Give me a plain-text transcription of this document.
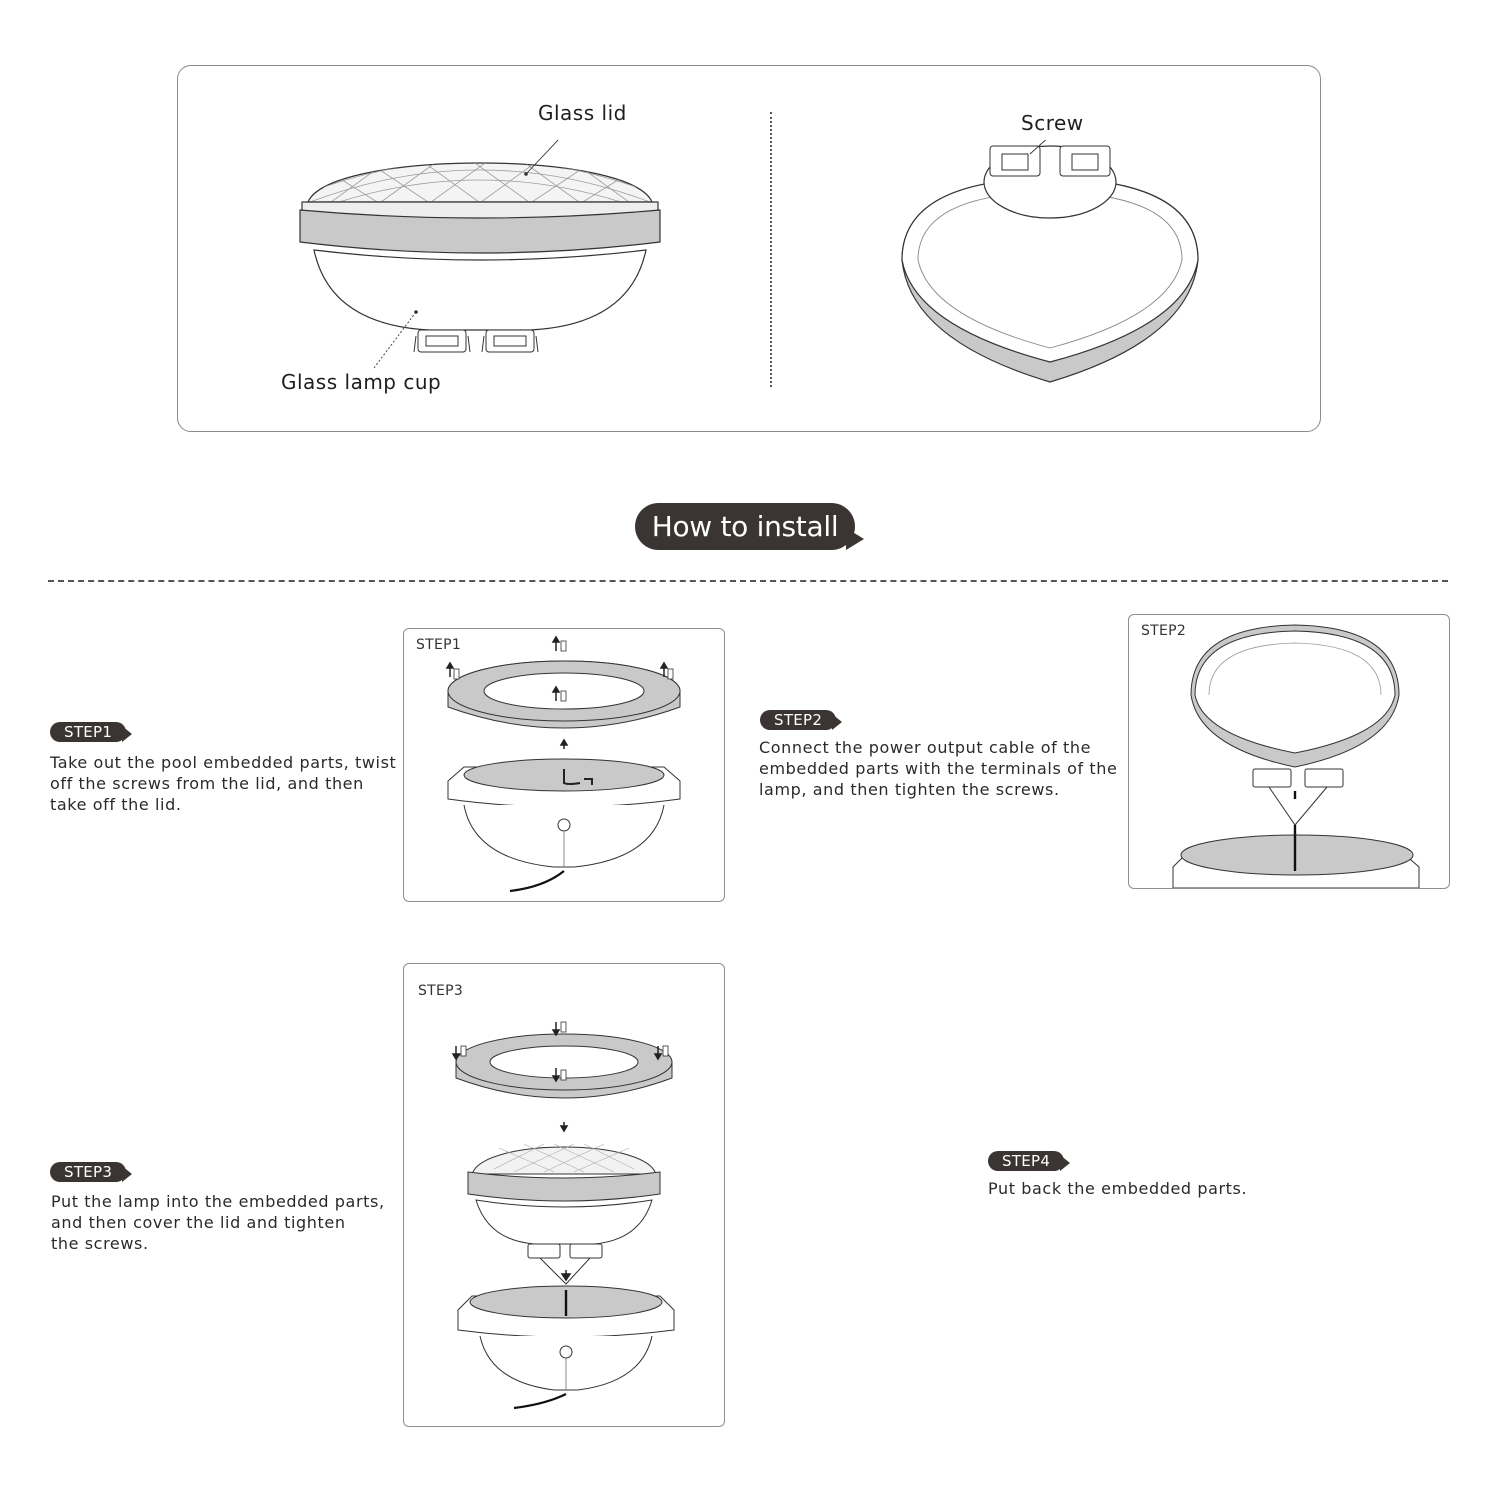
Glass lid
Glass lamp cup
Screw
How to install
STEP1
Take out the pool embedded parts, twist
off the screws from the lid, and then
take off the lid.
STEP1
STEP2
Connect the power output cable of the
embedded parts with the terminals of the
lamp, and then tighten the screws.
STEP2
STEP3
Put the lamp into the embedded parts,
and then cover the lid and tighten
the screws.
STEP3
STEP4
Put back the embedded parts.
